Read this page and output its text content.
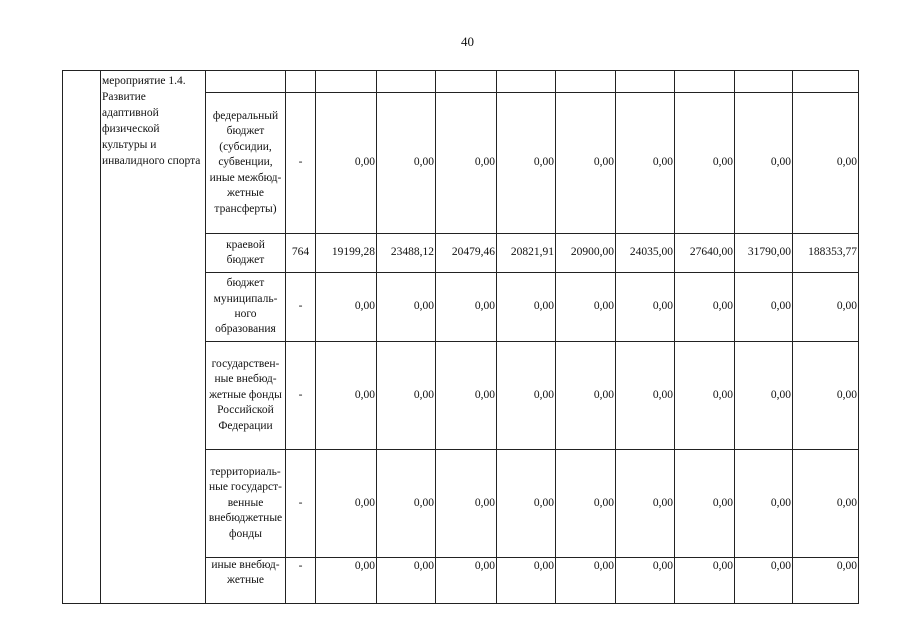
40
	мероприятие 1.4. Развитие адаптивной физической культуры и инвалидного спорта											

		федеральный бюджет (субсидии, субвенции, иные межбюд-жетные трансферты)	-	0,00	0,00	0,00	0,00	0,00	0,00	0,00	0,00	0,00

		краевой бюджет	764	19199,28	23488,12	20479,46	20821,91	20900,00	24035,00	27640,00	31790,00	188353,77

		бюджет муниципаль-ного образования	-	0,00	0,00	0,00	0,00	0,00	0,00	0,00	0,00	0,00

		государствен-ные внебюд-жетные фонды Российской Федерации	-	0,00	0,00	0,00	0,00	0,00	0,00	0,00	0,00	0,00

		территориаль-ные государст-венные внебюджетные фонды	-	0,00	0,00	0,00	0,00	0,00	0,00	0,00	0,00	0,00

		иные внебюд-жетные	-	0,00	0,00	0,00	0,00	0,00	0,00	0,00	0,00	0,00
